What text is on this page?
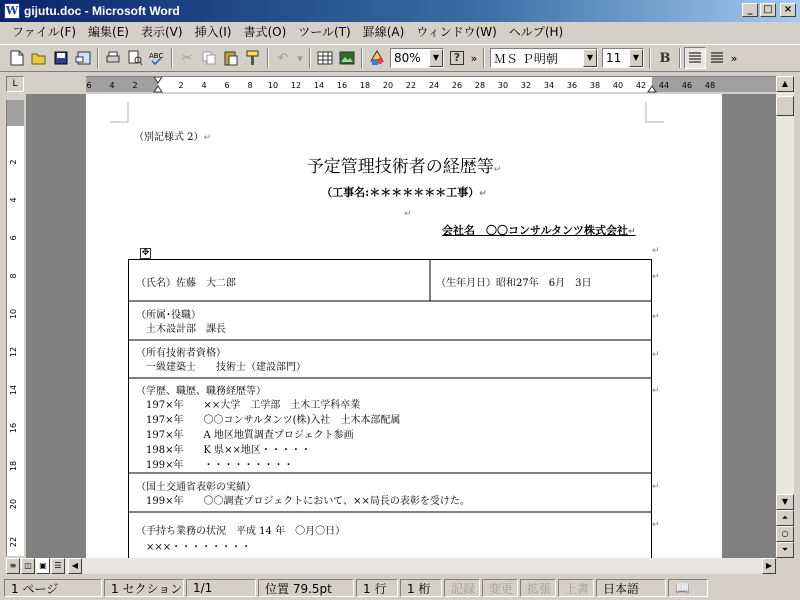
W gijutu.doc - Microsoft Word	_	□	×
ファイル(F)	編集(E)	表示(V)	挿入(I)	書式(O)	ツール(T)	罫線(A)	ウィンドウ(W)	ヘルプ(H)
ABC	✂	↶ ▾	80%	▼	? » ＭＳ Ｐ明朝	▼	11	▼	B	»
L	6 4 2	2 4 6 8 10 12 14 16 18 20 22 24 26 28 30 32 34 36 38 40 42 44 46 48
2
4
6
8
10
12
14
16
18
20
22
（別記様式 2）↵
予定管理技術者の経歴等↵
（工事名:＊＊＊＊＊＊＊工事）↵
↵
会社名　〇〇コンサルタンツ株式会社↵
✥
（氏名）佐藤　大二郎	（生年月日）昭和27年　6月　3日
（所属･役職）
土木設計部　課長
（所有技術者資格）
一級建築士　　技術士（建設部門）
（学歴、職歴、職務経歴等）
197×年　　××大学　工学部　土木工学科卒業
197×年　　〇〇コンサルタンツ(株)入社　土木本部配属
197×年　　A 地区地質調査プロジェクト参画
198×年　　K 県××地区・・・・・
199×年　　・・・・・・・・・
（国土交通省表彰の実績）
199×年　　〇〇調査プロジェクトにおいて、××局長の表彰を受けた。
（手持ち業務の状況　平成 14 年　〇月〇日）
×××・・・・・・・・
↵
↵
↵
↵
↵
↵
↵
▲
▼
⏶
○
⏷
≡ ◫ ▣ ☰	◀	▶
1 ページ	1 セクション 1/1	位置 79.5pt	1 行	1 桁	記録	変更	拡張	上書	日本語	📖
